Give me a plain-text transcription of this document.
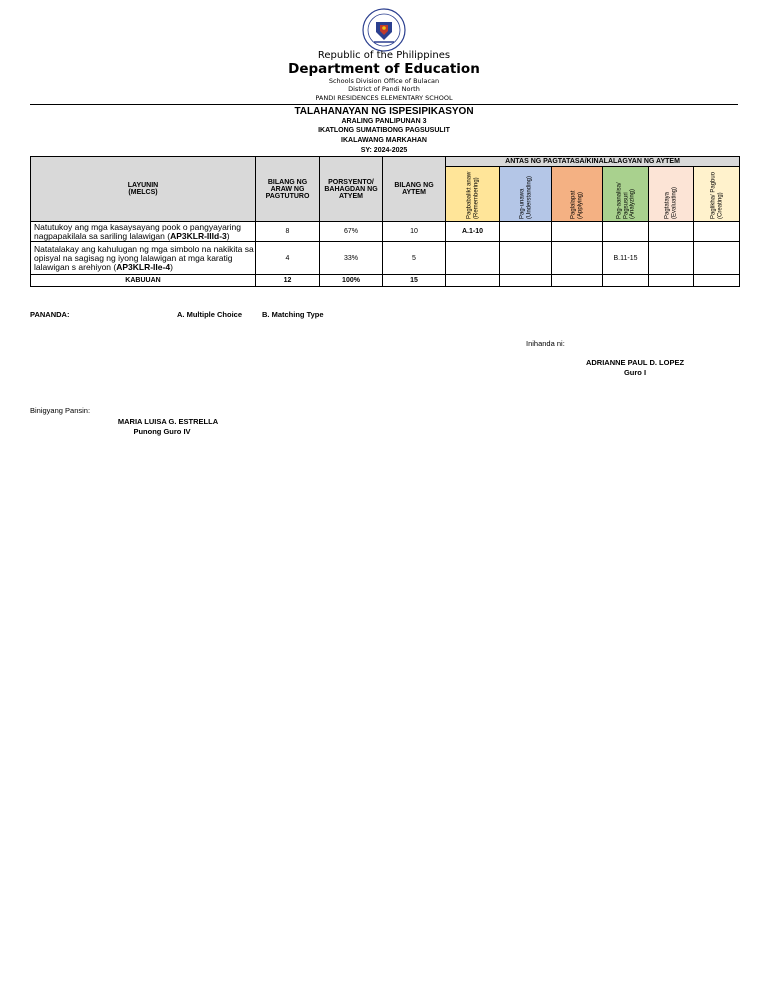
Republic of the Philippines
Department of Education
Schools Division Office of Bulacan
District of Pandi North
PANDI RESIDENCES ELEMENTARY SCHOOL
TALAHANAYAN NG ISPESIPIKASYON
ARALING PANLIPUNAN 3
IKATLONG SUMATIBONG PAGSUSULIT
IKALAWANG MARKAHAN
SY: 2024-2025
LAYUNIN
(MELCS)	BILANG NG ARAW NG PAGTUTURO	PORSYENTO/ BAHAGDAN NG ATYEM	BILANG NG AYTEM	ANTAS NG PAGTATASA/KINALALAGYAN NG AYTEM					

				Pagbabalikt anaw (Remembering)	Pag-unawa (Understanding)	Paglalapat (Applying)	Pag-aanalisa/ Pagsusuri (Analyzing)	Pagtataya (Evaluating)	Paglikha/ Pagbuo (Creating)

Natutukoy ang mga kasaysayang pook o pangyayaring nagpapakilala sa sariling lalawigan (AP3KLR-IIId-3)	8	67%	10	A.1-10					
Natatalakay ang kahulugan ng mga simbolo na nakikita sa opisyal na sagisag ng iyong lalawigan at mga karatig lalawigan s arehiyon (AP3KLR-IIe-4)	4	33%	5				B.11-15		
KABUUAN	12	100%	15						
PANANDA:	A. Multiple Choice	B. Matching Type
Inihanda ni:
ADRIANNE PAUL D. LOPEZ
Guro I
Binigyang Pansin:
MARIA LUISA G. ESTRELLA
Punong Guro IV
